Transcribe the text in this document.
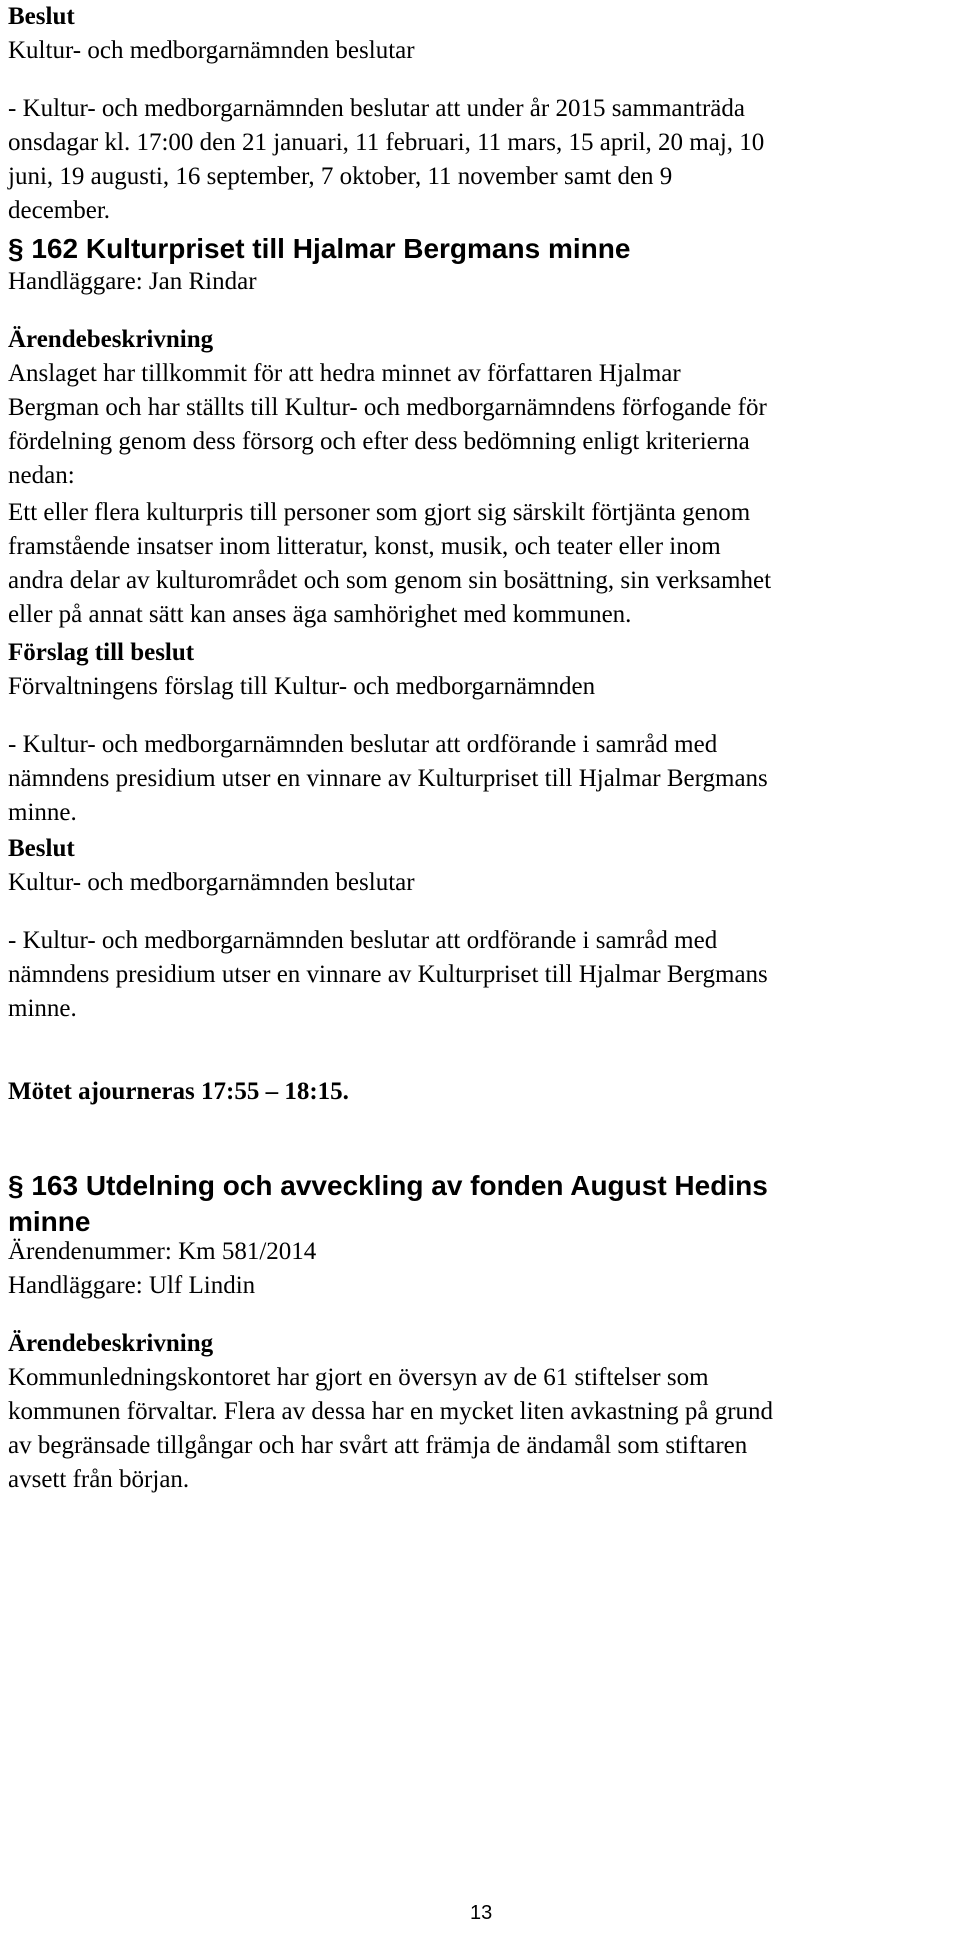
Beslut
Kultur- och medborgarnämnden beslutar
- Kultur- och medborgarnämnden beslutar att under år 2015 sammanträda
onsdagar kl. 17:00 den 21 januari, 11 februari, 11 mars, 15 april, 20 maj, 10
juni, 19 augusti, 16 september, 7 oktober, 11 november samt den 9
december.
§ 162 Kulturpriset till Hjalmar Bergmans minne
Handläggare: Jan Rindar
Ärendebeskrivning
Anslaget har tillkommit för att hedra minnet av författaren Hjalmar
Bergman och har ställts till Kultur- och medborgarnämndens förfogande för
fördelning genom dess försorg och efter dess bedömning enligt kriterierna
nedan:
Ett eller flera kulturpris till personer som gjort sig särskilt förtjänta genom
framstående insatser inom litteratur, konst, musik, och teater eller inom
andra delar av kulturområdet och som genom sin bosättning, sin verksamhet
eller på annat sätt kan anses äga samhörighet med kommunen.
Förslag till beslut
Förvaltningens förslag till Kultur- och medborgarnämnden
- Kultur- och medborgarnämnden beslutar att ordförande i samråd med
nämndens presidium utser en vinnare av Kulturpriset till Hjalmar Bergmans
minne.
Beslut
Kultur- och medborgarnämnden beslutar
- Kultur- och medborgarnämnden beslutar att ordförande i samråd med
nämndens presidium utser en vinnare av Kulturpriset till Hjalmar Bergmans
minne.
Mötet ajourneras 17:55 – 18:15.
§ 163 Utdelning och avveckling av fonden August Hedins
minne
Ärendenummer: Km 581/2014
Handläggare: Ulf Lindin
Ärendebeskrivning
Kommunledningskontoret har gjort en översyn av de 61 stiftelser som
kommunen förvaltar. Flera av dessa har en mycket liten avkastning på grund
av begränsade tillgångar och har svårt att främja de ändamål som stiftaren
avsett från början.
13
